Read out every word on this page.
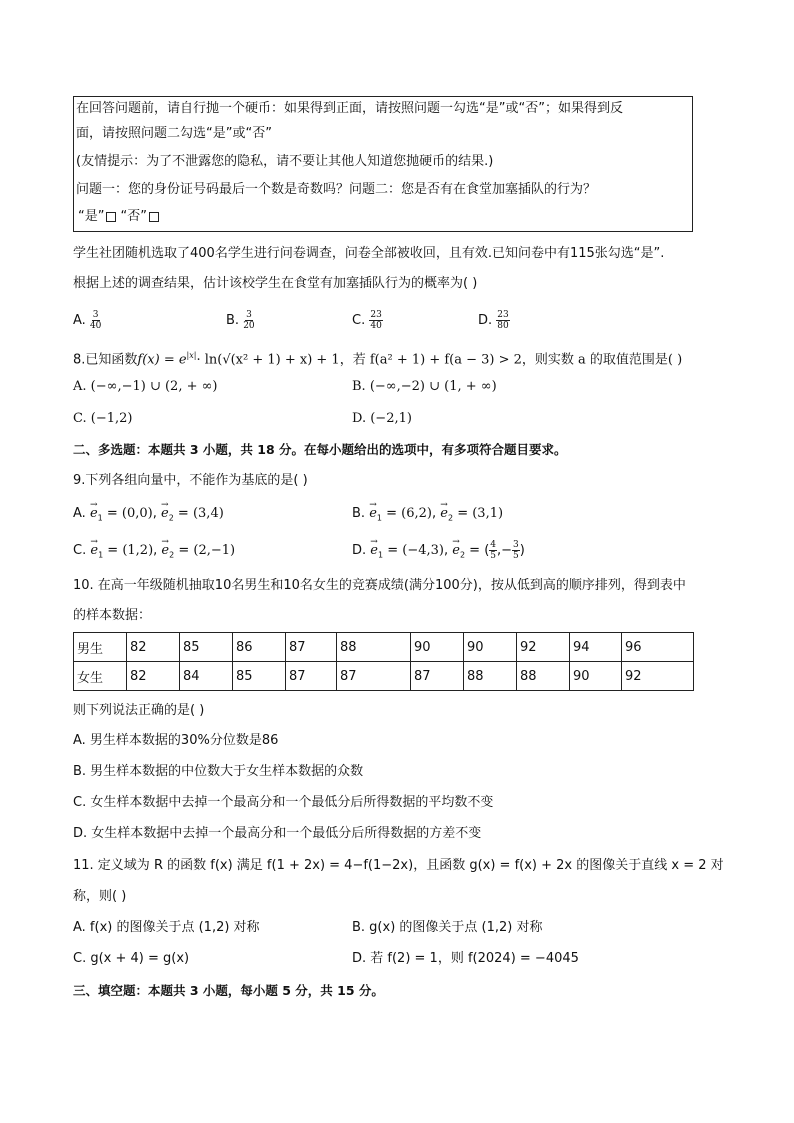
在回答问题前，请自行抛一个硬币：如果得到正面，请按照问题一勾选“是”或“否”；如果得到反
面，请按照问题二勾选“是”或“否”
(友情提示：为了不泄露您的隐私，请不要让其他人知道您抛硬币的结果.)
问题一：您的身份证号码最后一个数是奇数吗？问题二：您是否有在食堂加塞插队的行为？
“是” “否”
学生社团随机选取了400名学生进行问卷调查，问卷全部被收回，且有效.已知问卷中有115张勾选“是”.
根据上述的调查结果，估计该校学生在食堂有加塞插队行为的概率为( )
A. $\frac{3}{40}$	B. $\frac{3}{20}$	C. $\frac{23}{40}$	D. $\frac{23}{80}$
8.已知函数$f(x) = e^{|x|}\cdot \ln(√(x^2 + 1) + x) + 1$，若 f(a² + 1) + f(a − 3) > 2，则实数 a 的取值范围是( )
A. (−∞,−1) ∪ (2, + ∞)	B. (−∞,−2) ∪ (1, + ∞)
C. (−1,2)	D. (−2,1)
二、多选题：本题共 3 小题，共 18 分。在每小题给出的选项中，有多项符合题目要求。
9.下列各组向量中，不能作为基底的是( )
A. → $e_1 = (0,0)$, → $e_2 = (3,4)$	B. → $e_1 = (6,2)$, → $e_2 = (3,1)$
C. → $e_1 = (1,2)$, → $e_2 = (2,-1)$	D. → $e_1 = (-4,3)$, → $e_2$ = ( $\frac{4}{5}$ ,− $\frac{3}{5}$ )
10. 在高一年级随机抽取10名男生和10名女生的竞赛成绩(满分100分)，按从低到高的顺序排列，得到表中
的样本数据：
男生	82	85	86	87	88	90	90	92	94	96
女生	82	84	85	87	87	87	88	88	90	92
则下列说法正确的是( )
A. 男生样本数据的30%分位数是86
B. 男生样本数据的中位数大于女生样本数据的众数
C. 女生样本数据中去掉一个最高分和一个最低分后所得数据的平均数不变
D. 女生样本数据中去掉一个最高分和一个最低分后所得数据的方差不变
11. 定义域为 R 的函数 f(x) 满足 f(1 + 2x) = 4−f(1−2x)，且函数 g(x) = f(x) + 2x 的图像关于直线 x = 2 对
称，则( )
A. f(x) 的图像关于点 (1,2) 对称	B. g(x) 的图像关于点 (1,2) 对称
C. g(x + 4) = g(x)	D. 若 f(2) = 1，则 f(2024) = −4045
三、填空题：本题共 3 小题，每小题 5 分，共 15 分。
